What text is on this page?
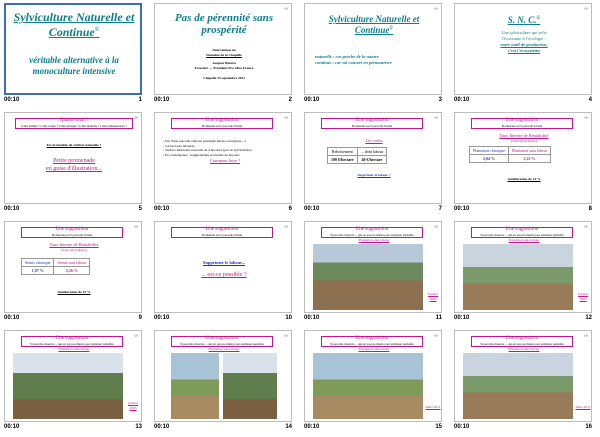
Sylviculture Naturelle et Continue©
véritable alternative à la monoculture intensive
00:10	1
∞
Pas de pérennité sans prospérité
Intervention au
Domaine de la Chapelle
Jacques Hazera
Forestier — Président Pro Silva France
Chapelle 15 septembre 2011
00:10	2
∞
Sylviculture Naturelle et Continue©
naturelle : car proche de la nature
continue : car sol couvert en permanence
00:10	3
∞
S. N. C.©
Une sylviculture qui relie
l'économie à l'écologie :
notre outil de production,
c'est l'écosystème
00:10	4
∞
Qualité total ?
Coûts intimes ? Coûts totaux ? Coûts partagés ? Coûts durables ? Coûts rémunérateurs ?
Est-il rentable de cultiver naturelle ?
Petite promenade
en guise d'illustration...
00:10	5
∞
Une supposition
Promenade sur la parcelle d'étude
- Sur d'une parcelle cultivée (exemple Klein, eucalyptus ...)
- 3,2 hectares labourés
- Surface inférieure nouvelle de 4 hectares (par de sylviculture)
- En conséquence : indépendante économie de moyens
Comment faire ?
00:10	6
∞
Une supposition
Promenade sur la parcelle d'étude
Les coûts
Reboisement	... dont labour
100 €/hectare	40 €/hectare
Supprimer le labour ?
00:10	7
∞
Une supposition
Promenade sur la parcelle d'étude
Taux Interne de Rentabilité
(dont sylviculture)
Plantation classique	Plantation sans labour
2,04 %	2,22 %
Amélioration de 14 %
00:10	8
∞
Une supposition
Promenade sur la parcelle d'étude
Taux Interne de Rentabilité
(dont sylviculture)
Semis classique	Semis sans labour
1,97 %	2,26 %
Amélioration de 15 %
00:10	9
∞
Une supposition
Promenade sur la parcelle d'étude
Supprimer le labour...
... est-ce possible ?
00:10	10
∞
Une supposition
Si parcelle observée ... qui est pas pas mieux pour expliquer partielles
Plantation sans labour
Janvier 2003
00:10	11
∞
Une supposition
Si parcelle observée ... qui est pas pas mieux pour expliquer partielles
Plantation sans labour
Janvier 2003
00:10	12
∞
Une supposition
Si parcelle observée ... qui est pas pas mieux pour expliquer partielles
Plantation sans labour
Janvier 2003
00:10	13
∞
Une supposition
Si parcelle observée ... qui est pas pas mieux pour expliquer partielles
Plantation sans labour
00:10	14
∞
Une supposition
Si parcelle observée ... qui est pas pas mieux pour expliquer partielles
Plantation sans labour
Mars 2011
00:10	15
∞
Une supposition
Si parcelle observée ... qui est pas pas mieux pour expliquer partielles
Plantation sans labour
Mars 2011
00:10	16
